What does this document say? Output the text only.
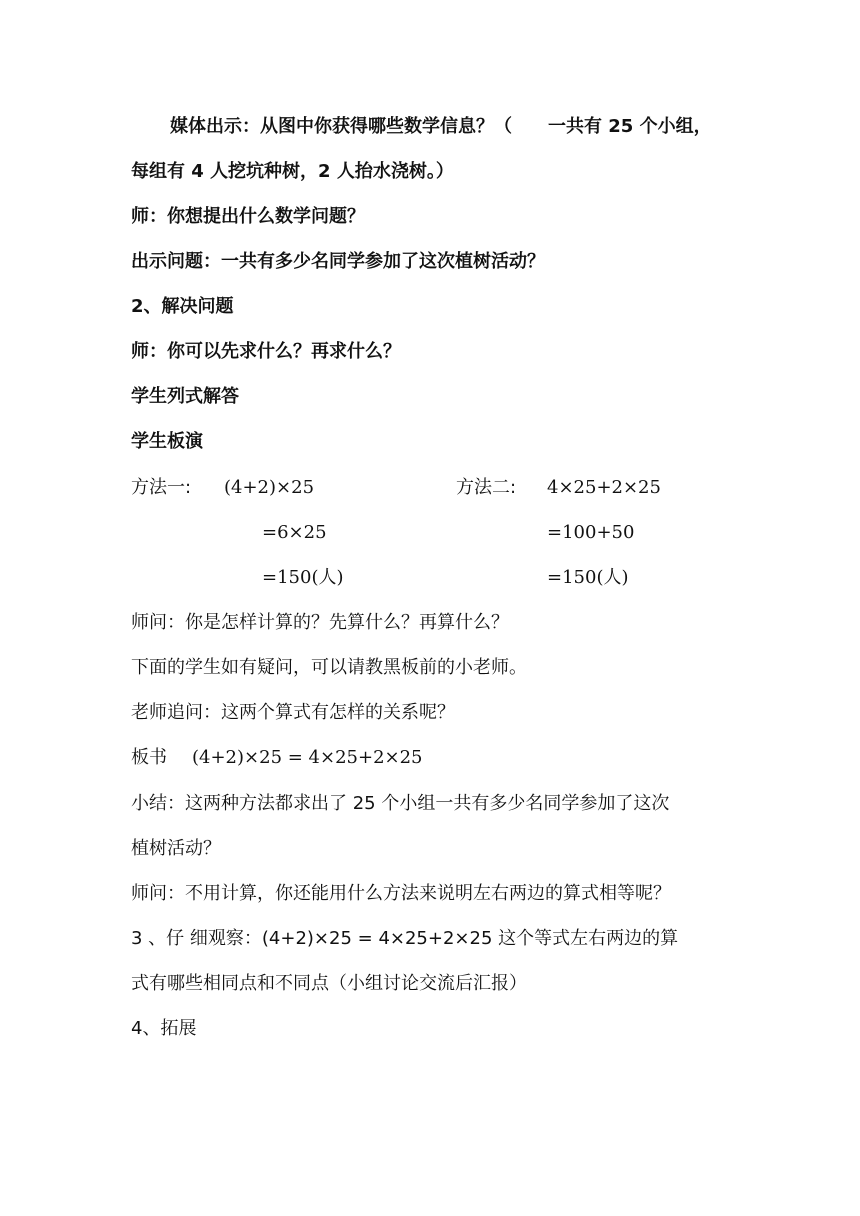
媒体出示：从图中你获得哪些数学信息？（　　一共有 25 个小组，
每组有 4 人挖坑种树，2 人抬水浇树。）
师：你想提出什么数学问题？
出示问题：一共有多少名同学参加了这次植树活动？
2、解决问题
师：你可以先求什么？再求什么？
学生列式解答
学生板演
方法一: (4+2)×25
=6×25
=150(人)
方法二: 4×25+2×25
=100+50
=150(人)
师问：你是怎样计算的？先算什么？再算什么？
下面的学生如有疑问，可以请教黑板前的小老师。
老师追问：这两个算式有怎样的关系呢？
板书 (4+2)×25 = 4×25+2×25
小结：这两种方法都求出了 25 个小组一共有多少名同学参加了这次
植树活动？
师问：不用计算，你还能用什么方法来说明左右两边的算式相等呢？
3 、仔 细观察：(4+2)×25 = 4×25+2×25 这个等式左右两边的算
式有哪些相同点和不同点（小组讨论交流后汇报）
4、拓展
